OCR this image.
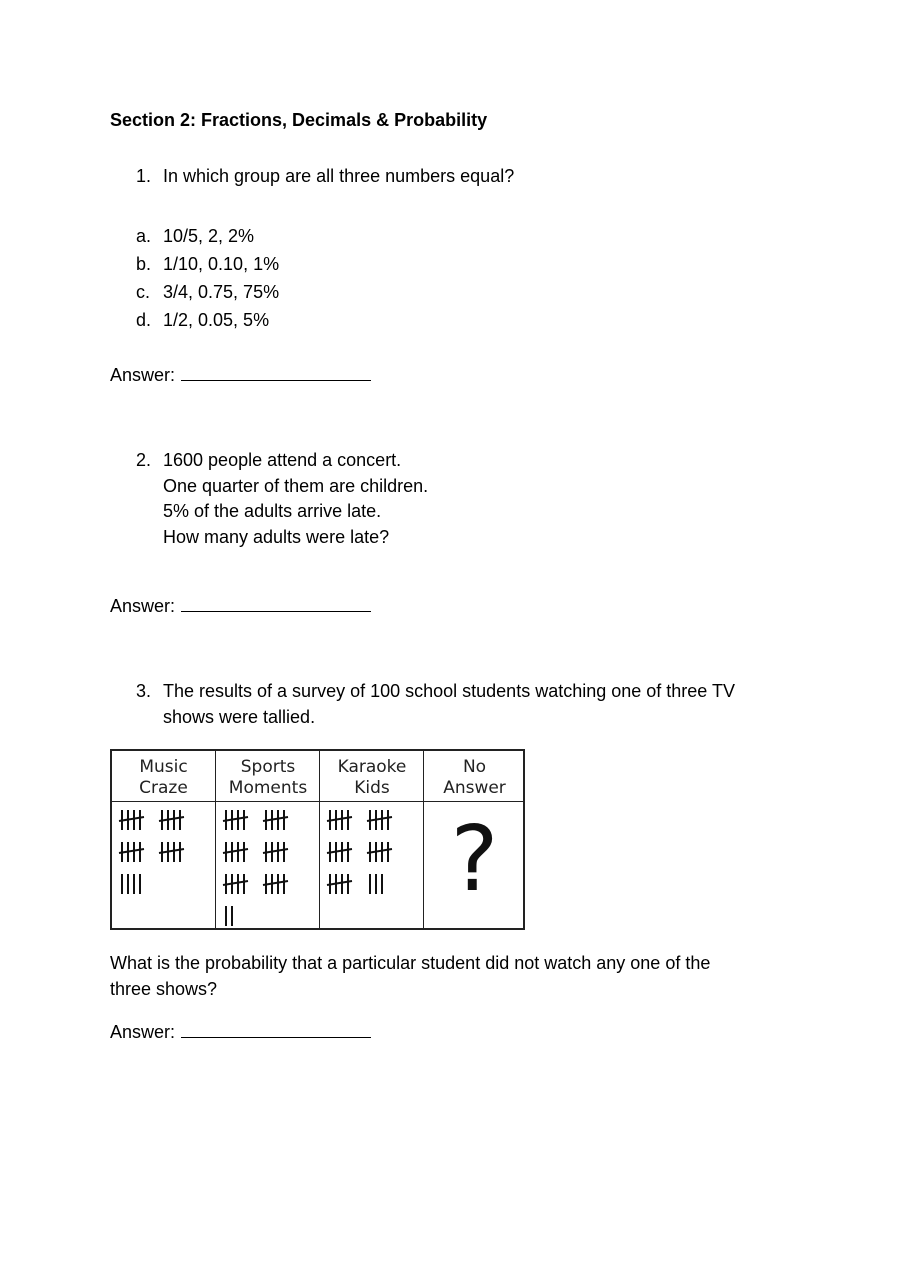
Section 2: Fractions, Decimals & Probability
1. In which group are all three numbers equal?
a. 10/5, 2, 2%
b. 1/10, 0.10, 1%
c. 3/4, 0.75, 75%
d. 1/2, 0.05, 5%
Answer:
2. 1600 people attend a concert.
One quarter of them are children.
5% of the adults arrive late.
How many adults were late?
Answer:
3. The results of a survey of 100 school students watching one of three TV
shows were tallied.
Music
Craze
Sports
Moments
Karaoke
Kids
No
Answer
?
What is the probability that a particular student did not watch any one of the
three shows?
Answer:
